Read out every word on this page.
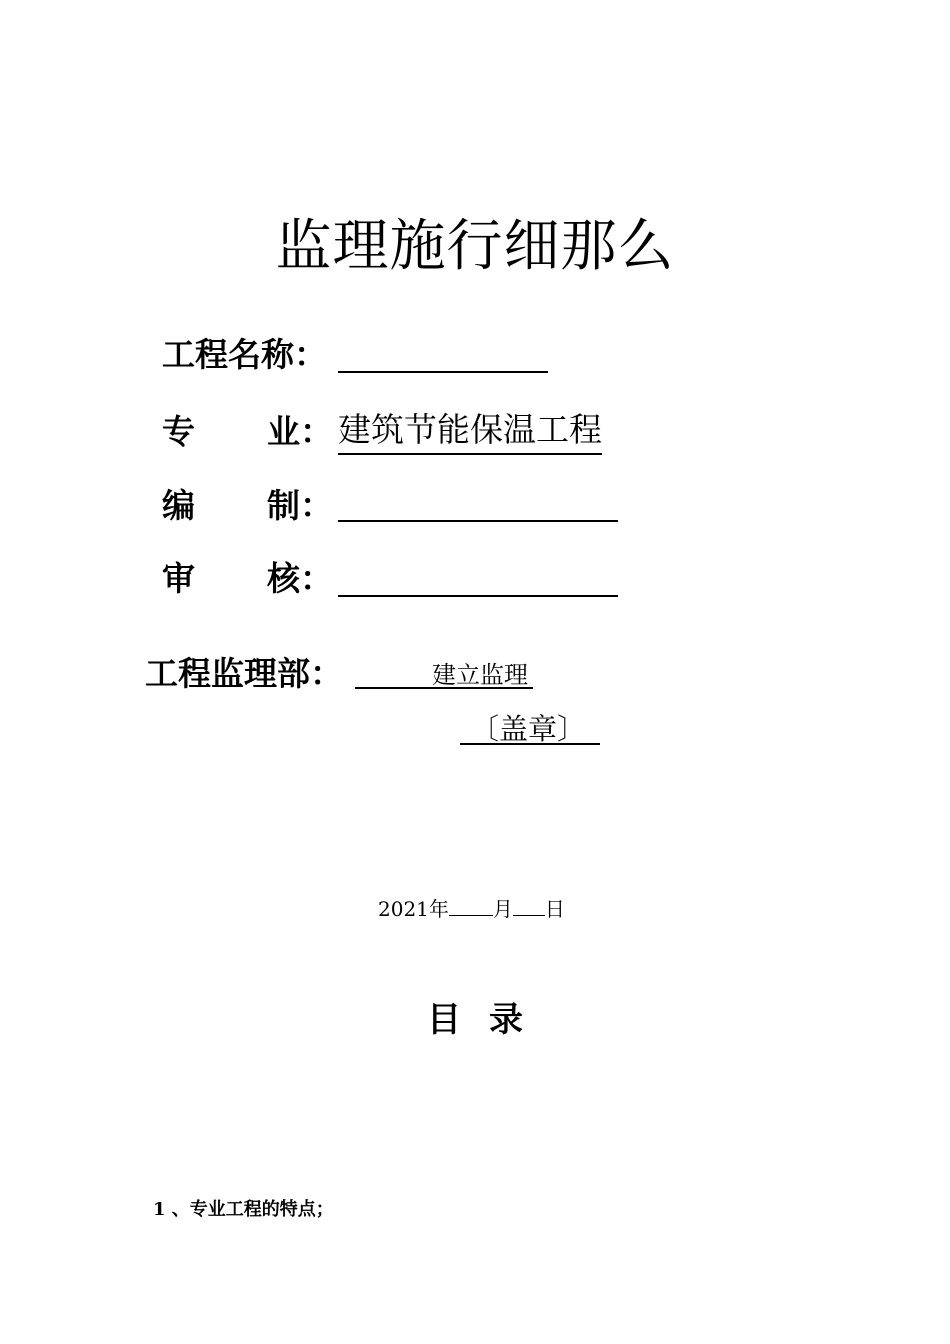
监理施行细那么
工程名称：
专 业： 建筑节能保温工程
编 制：
审 核：
工程监理部：	建立监理
〔盖章〕
2021年 月 日
目录
1 、专业工程的特点；
